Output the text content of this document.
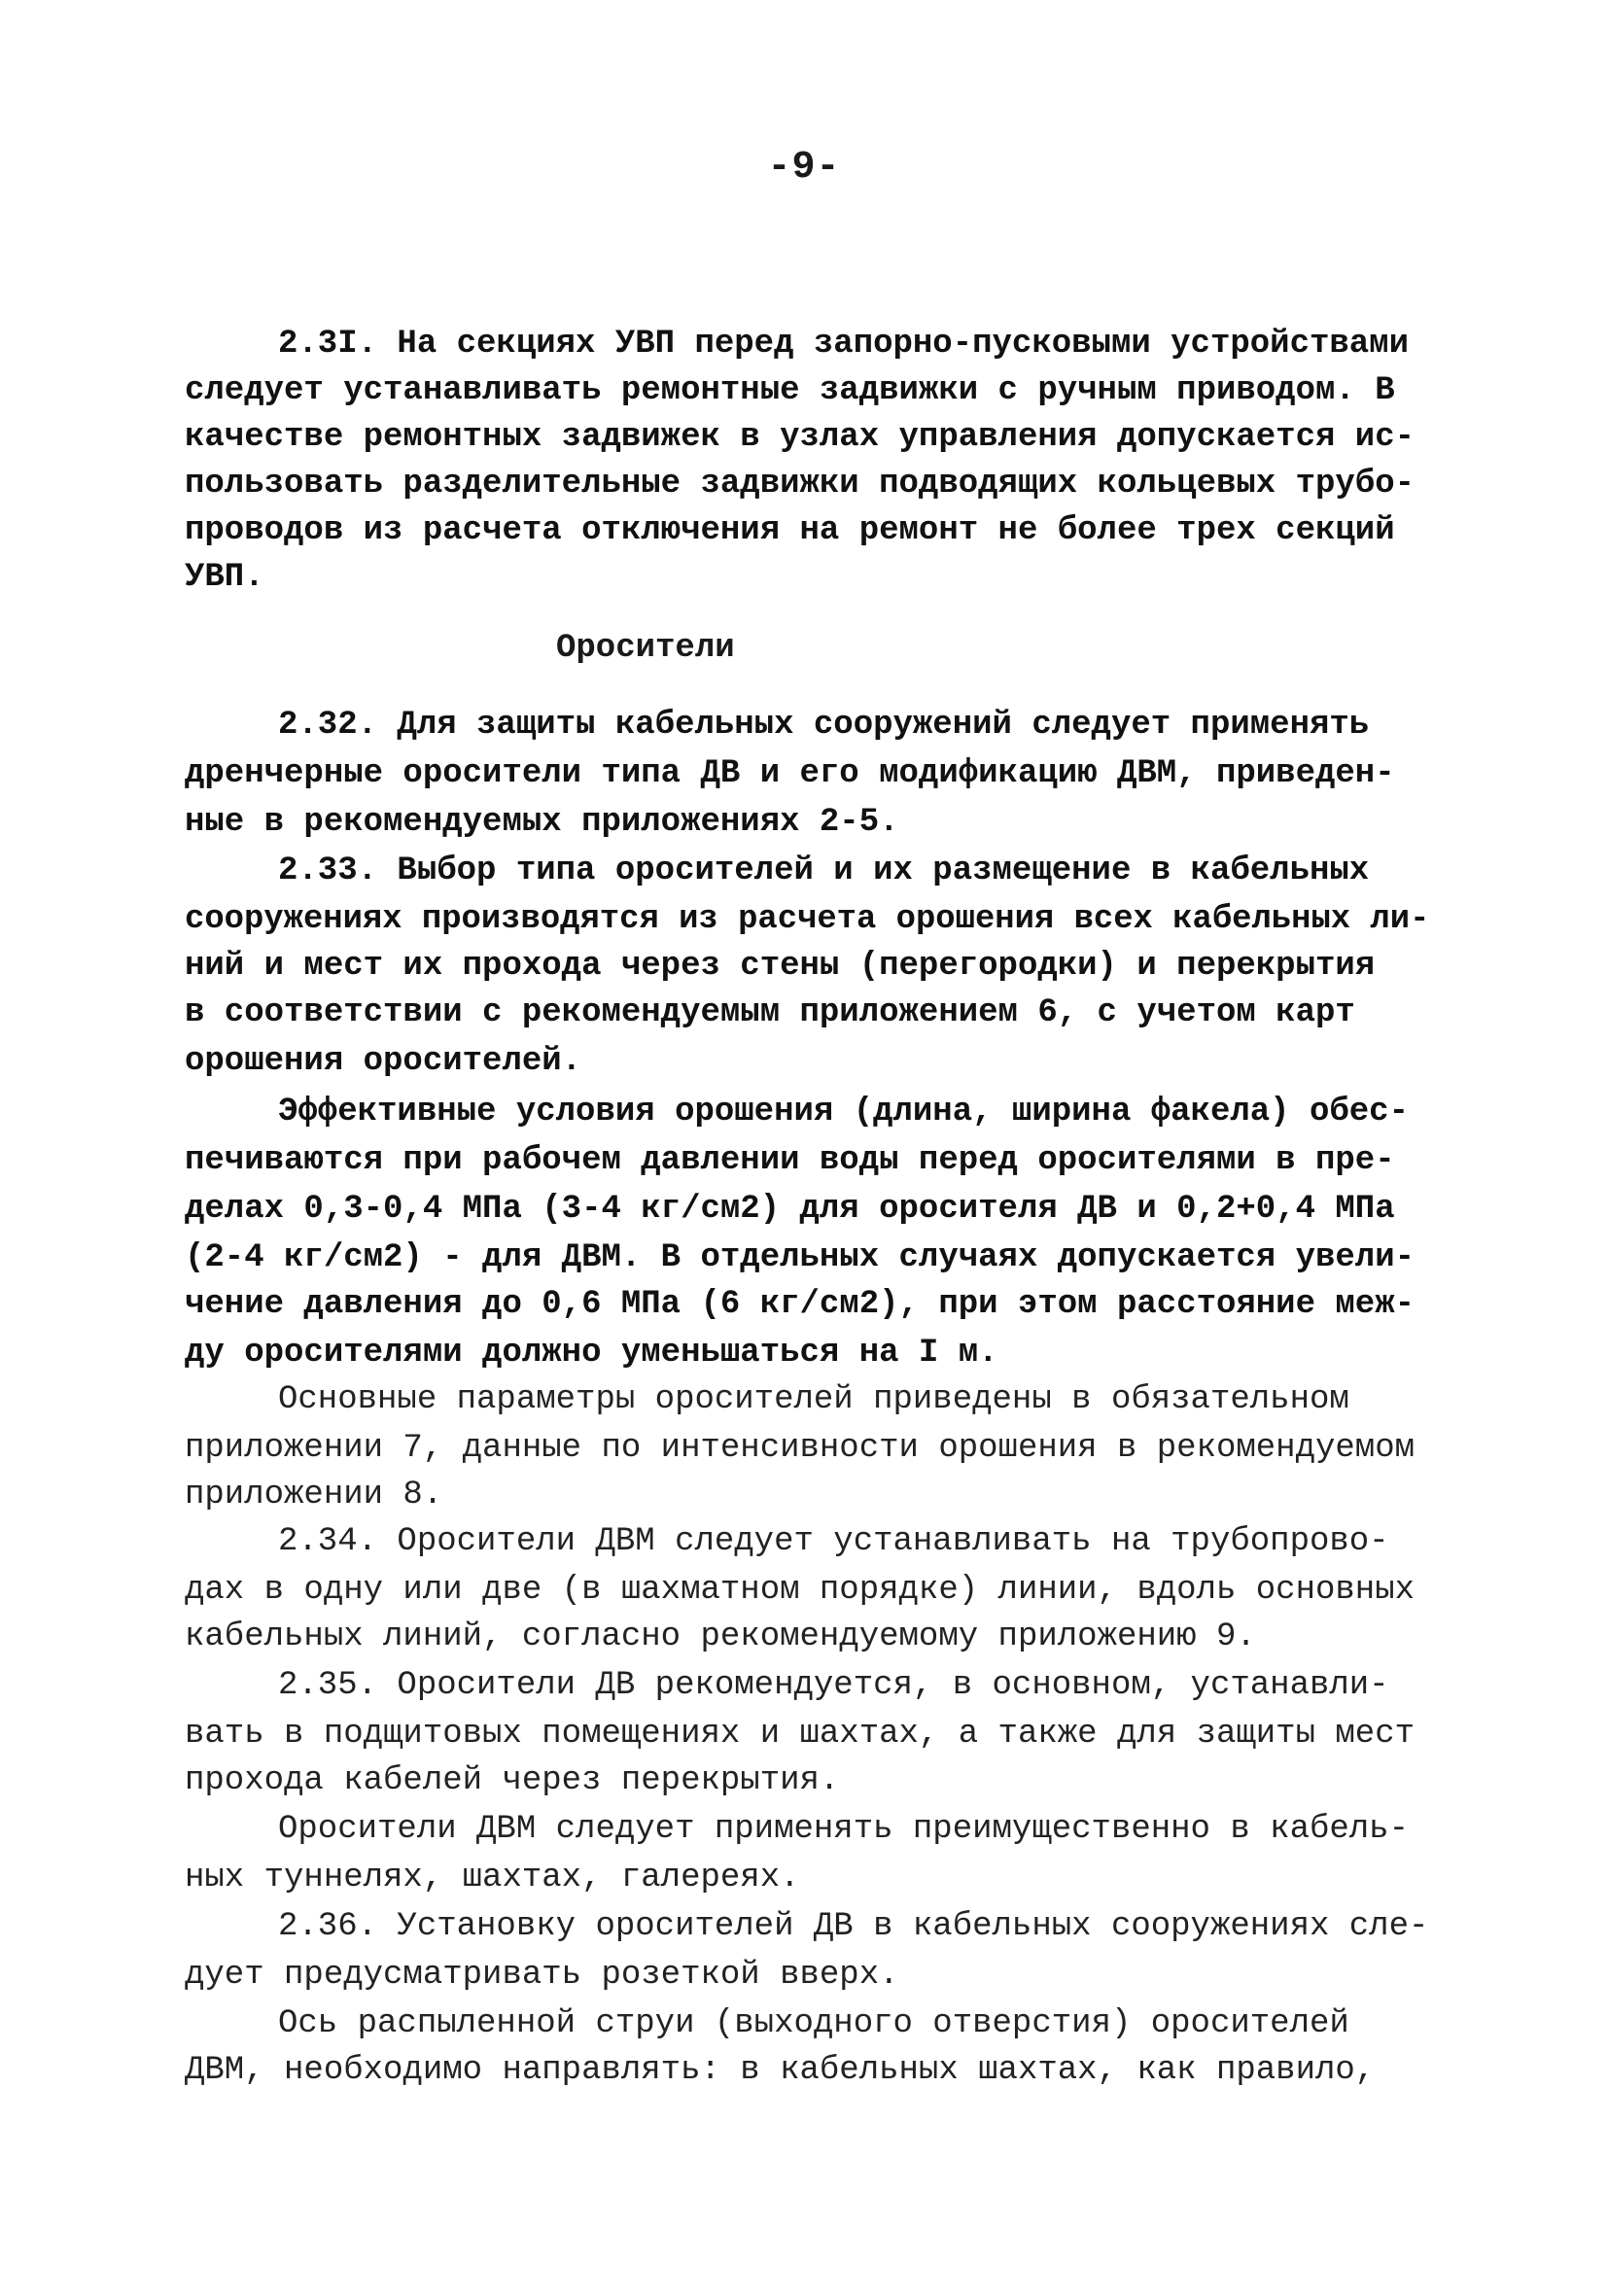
-9-
2.3I. На секциях УВП перед запорно-пусковыми устройствами
следует устанавливать ремонтные задвижки с ручным приводом. В
качестве ремонтных задвижек в узлах управления допускается ис-
пользовать разделительные задвижки подводящих кольцевых трубо-
проводов из расчета отключения на ремонт не более трех секций
УВП.
Оросители
2.32. Для защиты кабельных сооружений следует применять
дренчерные оросители типа ДВ и его модификацию ДВМ, приведен-
ные в рекомендуемых приложениях 2-5.
2.33. Выбор типа оросителей и их размещение в кабельных
сооружениях производятся из расчета орошения всех кабельных ли-
ний и мест их прохода через стены (перегородки) и перекрытия
в соответствии с рекомендуемым приложением 6, с учетом карт
орошения оросителей.
Эффективные условия орошения (длина, ширина факела) обес-
печиваются при рабочем давлении воды перед оросителями в пре-
делах 0,3-0,4 МПа (3-4 кг/см2) для оросителя ДВ и 0,2+0,4 МПа
(2-4 кг/см2) - для ДВМ. В отдельных случаях допускается увели-
чение давления до 0,6 МПа (6 кг/см2), при этом расстояние меж-
ду оросителями должно уменьшаться на I м.
Основные параметры оросителей приведены в обязательном
приложении 7, данные по интенсивности орошения в рекомендуемом
приложении 8.
2.34. Оросители ДВМ следует устанавливать на трубопрово-
дах в одну или две (в шахматном порядке) линии, вдоль основных
кабельных линий, согласно рекомендуемому приложению 9.
2.35. Оросители ДВ рекомендуется, в основном, устанавли-
вать в подщитовых помещениях и шахтах, а также для защиты мест
прохода кабелей через перекрытия.
Оросители ДВМ следует применять преимущественно в кабель-
ных туннелях, шахтах, галереях.
2.36. Установку оросителей ДВ в кабельных сооружениях сле-
дует предусматривать розеткой вверх.
Ось распыленной струи (выходного отверстия) оросителей
ДВМ, необходимо направлять: в кабельных шахтах, как правило,
